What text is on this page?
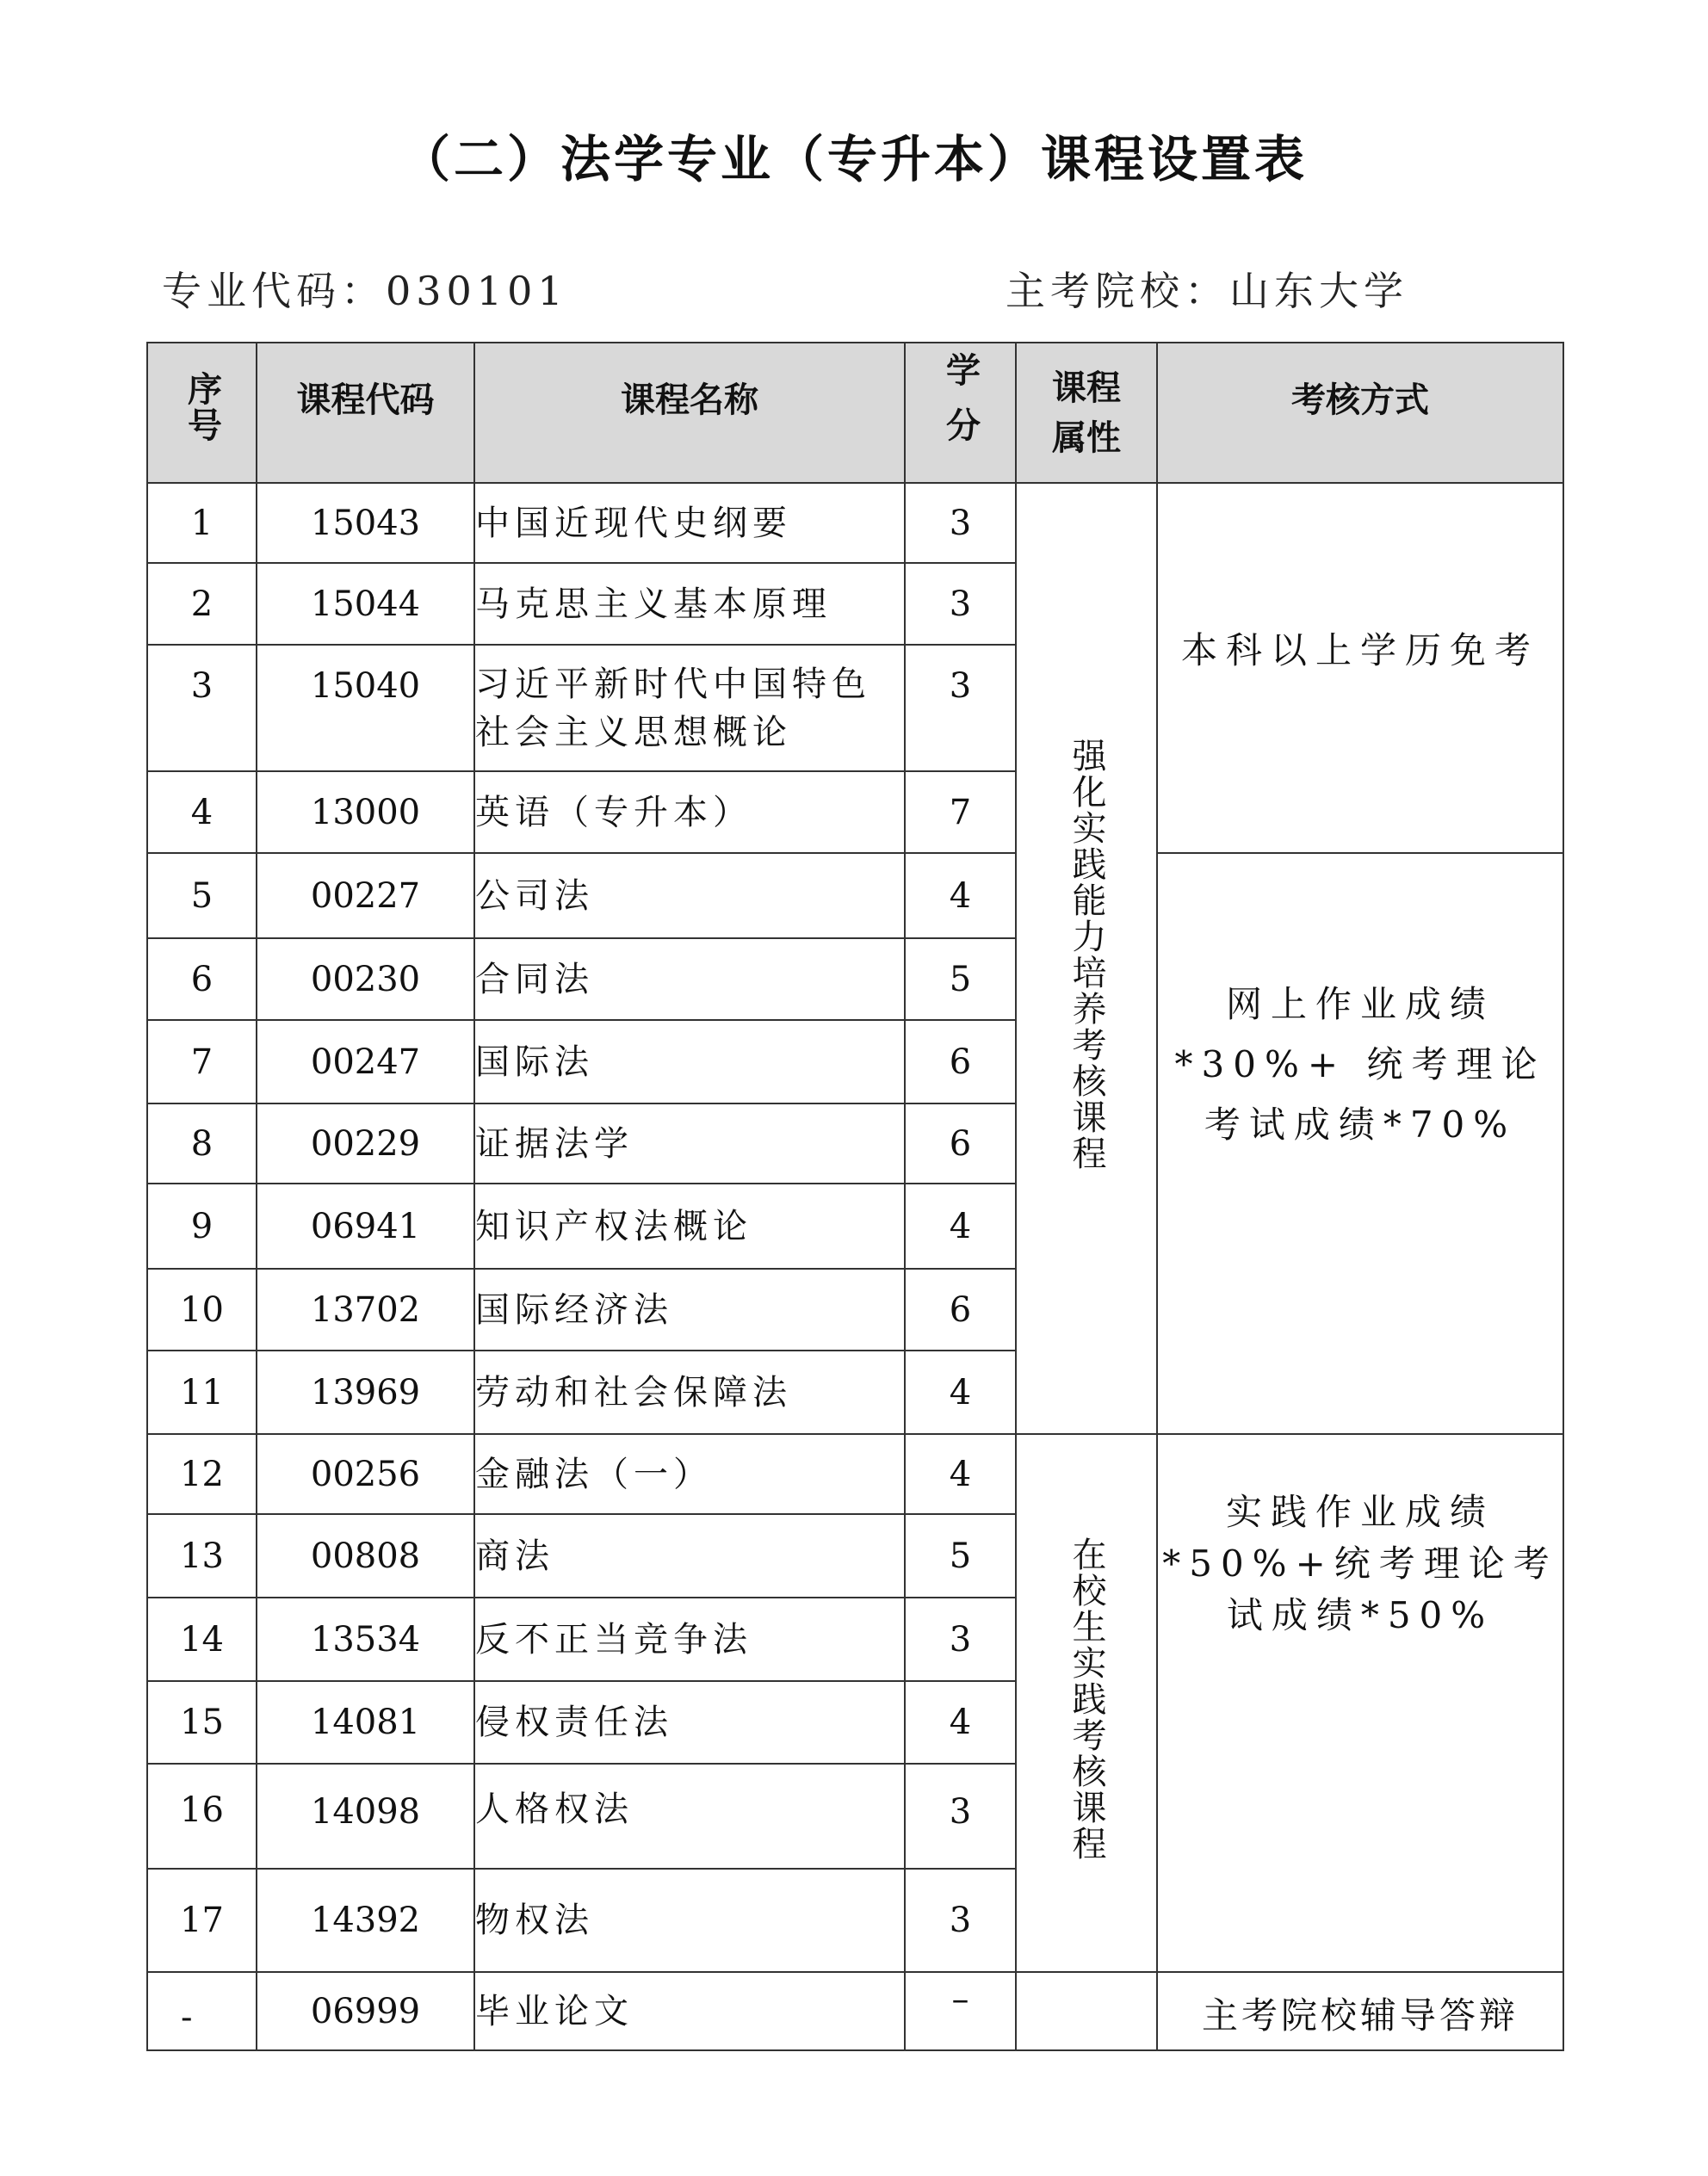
（二）法学专业（专升本）课程设置表
专业代码：030101	主考院校：山东大学
序号	课程代码	课程名称	学分	课程属性	考核方式
1	15043	中国近现代史纲要	3	强化实践能力培养考核课程	本科以上学历免考
2	15044	马克思主义基本原理	3		
3	15040	习近平新时代中国特色社会主义思想概论	3		
4	13000	英语（专升本）	7		
5	00227	公司法	4		网上作业成绩*30%+ 统考理论考试成绩*70%
6	00230	合同法	5		
7	00247	国际法	6		
8	00229	证据法学	6		
9	06941	知识产权法概论	4		
10	13702	国际经济法	6		
11	13969	劳动和社会保障法	4		
12	00256	金融法（一）	4	在校生实践考核课程	实践作业成绩*50%+统考理论考试成绩*50%
13	00808	商法	5		
14	13534	反不正当竞争法	3		
15	14081	侵权责任法	4		
16	14098	人格权法	3		
17	14392	物权法	3		
-	06999	毕业论文	–		主考院校辅导答辩
